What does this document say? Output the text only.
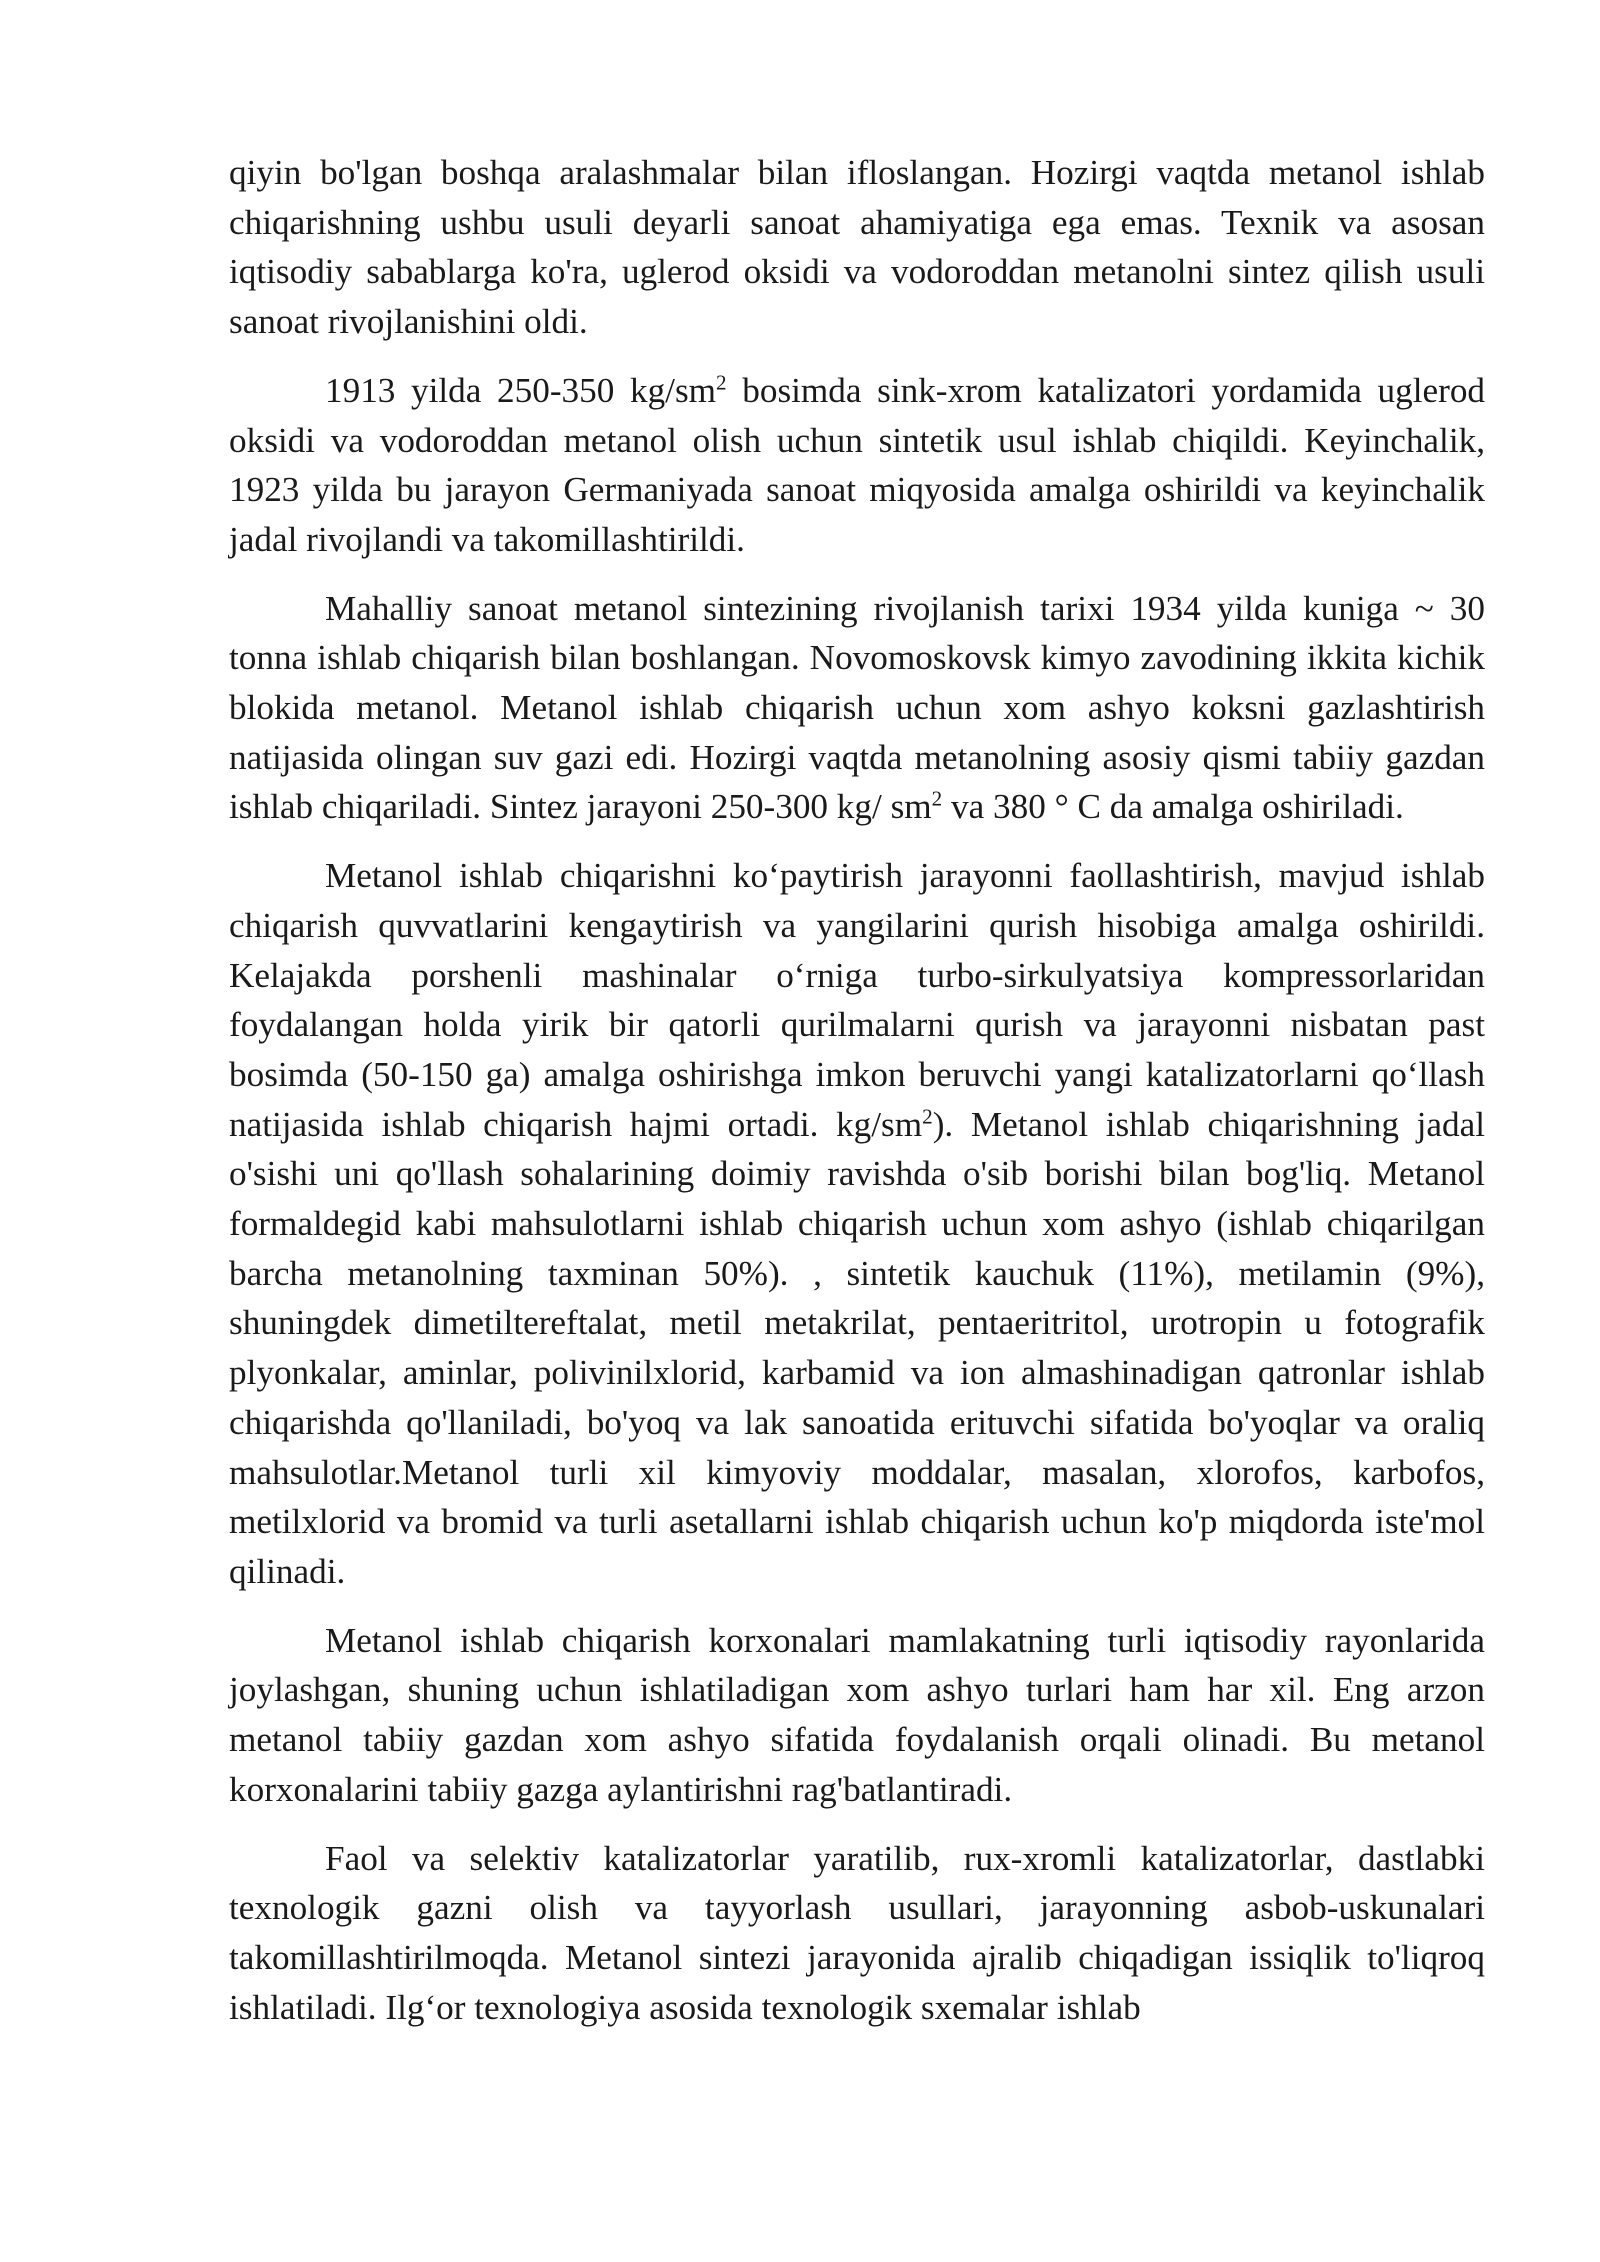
qiyin bo'lgan boshqa aralashmalar bilan ifloslangan. Hozirgi vaqtda metanol ishlab chiqarishning ushbu usuli deyarli sanoat ahamiyatiga ega emas. Texnik va asosan iqtisodiy sabablarga ko'ra, uglerod oksidi va vodoroddan metanolni sintez qilish usuli sanoat rivojlanishini oldi.

1913 yilda 250-350 $kg/sm^2$ bosimda sink-xrom katalizatori yordamida uglerod oksidi va vodoroddan metanol olish uchun sintetik usul ishlab chiqildi. Keyinchalik, 1923 yilda bu jarayon Germaniyada sanoat miqyosida amalga oshirildi va keyinchalik jadal rivojlandi va takomillashtirildi.

Mahalliy sanoat metanol sintezining rivojlanish tarixi 1934 yilda kuniga ~ 30 tonna ishlab chiqarish bilan boshlangan. Novomoskovsk kimyo zavodining ikkita kichik blokida metanol. Metanol ishlab chiqarish uchun xom ashyo koksni gazlashtirish natijasida olingan suv gazi edi. Hozirgi vaqtda metanolning asosiy qismi tabiiy gazdan ishlab chiqariladi. Sintez jarayoni 250-300 kg/ $sm^2$ va 380 ° C da amalga oshiriladi.

Metanol ishlab chiqarishni ko‘paytirish jarayonni faollashtirish, mavjud ishlab chiqarish quvvatlarini kengaytirish va yangilarini qurish hisobiga amalga oshirildi. Kelajakda porshenli mashinalar o‘rniga turbo-sirkulyatsiya kompressorlaridan foydalangan holda yirik bir qatorli qurilmalarni qurish va jarayonni nisbatan past bosimda (50-150 ga) amalga oshirishga imkon beruvchi yangi katalizatorlarni qo‘llash natijasida ishlab chiqarish hajmi ortadi. $kg/sm^2$). Metanol ishlab chiqarishning jadal o'sishi uni qo'llash sohalarining doimiy ravishda o'sib borishi bilan bog'liq. Metanol formaldegid kabi mahsulotlarni ishlab chiqarish uchun xom ashyo (ishlab chiqarilgan barcha metanolning taxminan 50%). , sintetik kauchuk (11%), metilamin (9%), shuningdek dimetiltereftalat, metil metakrilat, pentaeritritol, urotropin u fotografik plyonkalar, aminlar, polivinilxlorid, karbamid va ion almashinadigan qatronlar ishlab chiqarishda qo'llaniladi, bo'yoq va lak sanoatida erituvchi sifatida bo'yoqlar va oraliq mahsulotlar.Metanol turli xil kimyoviy moddalar, masalan, xlorofos, karbofos, metilxlorid va bromid va turli asetallarni ishlab chiqarish uchun ko'p miqdorda iste'mol qilinadi.

Metanol ishlab chiqarish korxonalari mamlakatning turli iqtisodiy rayonlarida joylashgan, shuning uchun ishlatiladigan xom ashyo turlari ham har xil. Eng arzon metanol tabiiy gazdan xom ashyo sifatida foydalanish orqali olinadi. Bu metanol korxonalarini tabiiy gazga aylantirishni rag'batlantiradi.

Faol va selektiv katalizatorlar yaratilib, rux-xromli katalizatorlar, dastlabki texnologik gazni olish va tayyorlash usullari, jarayonning asbob-uskunalari takomillashtirilmoqda. Metanol sintezi jarayonida ajralib chiqadigan issiqlik to'liqroq ishlatiladi. Ilg‘or texnologiya asosida texnologik sxemalar ishlab
